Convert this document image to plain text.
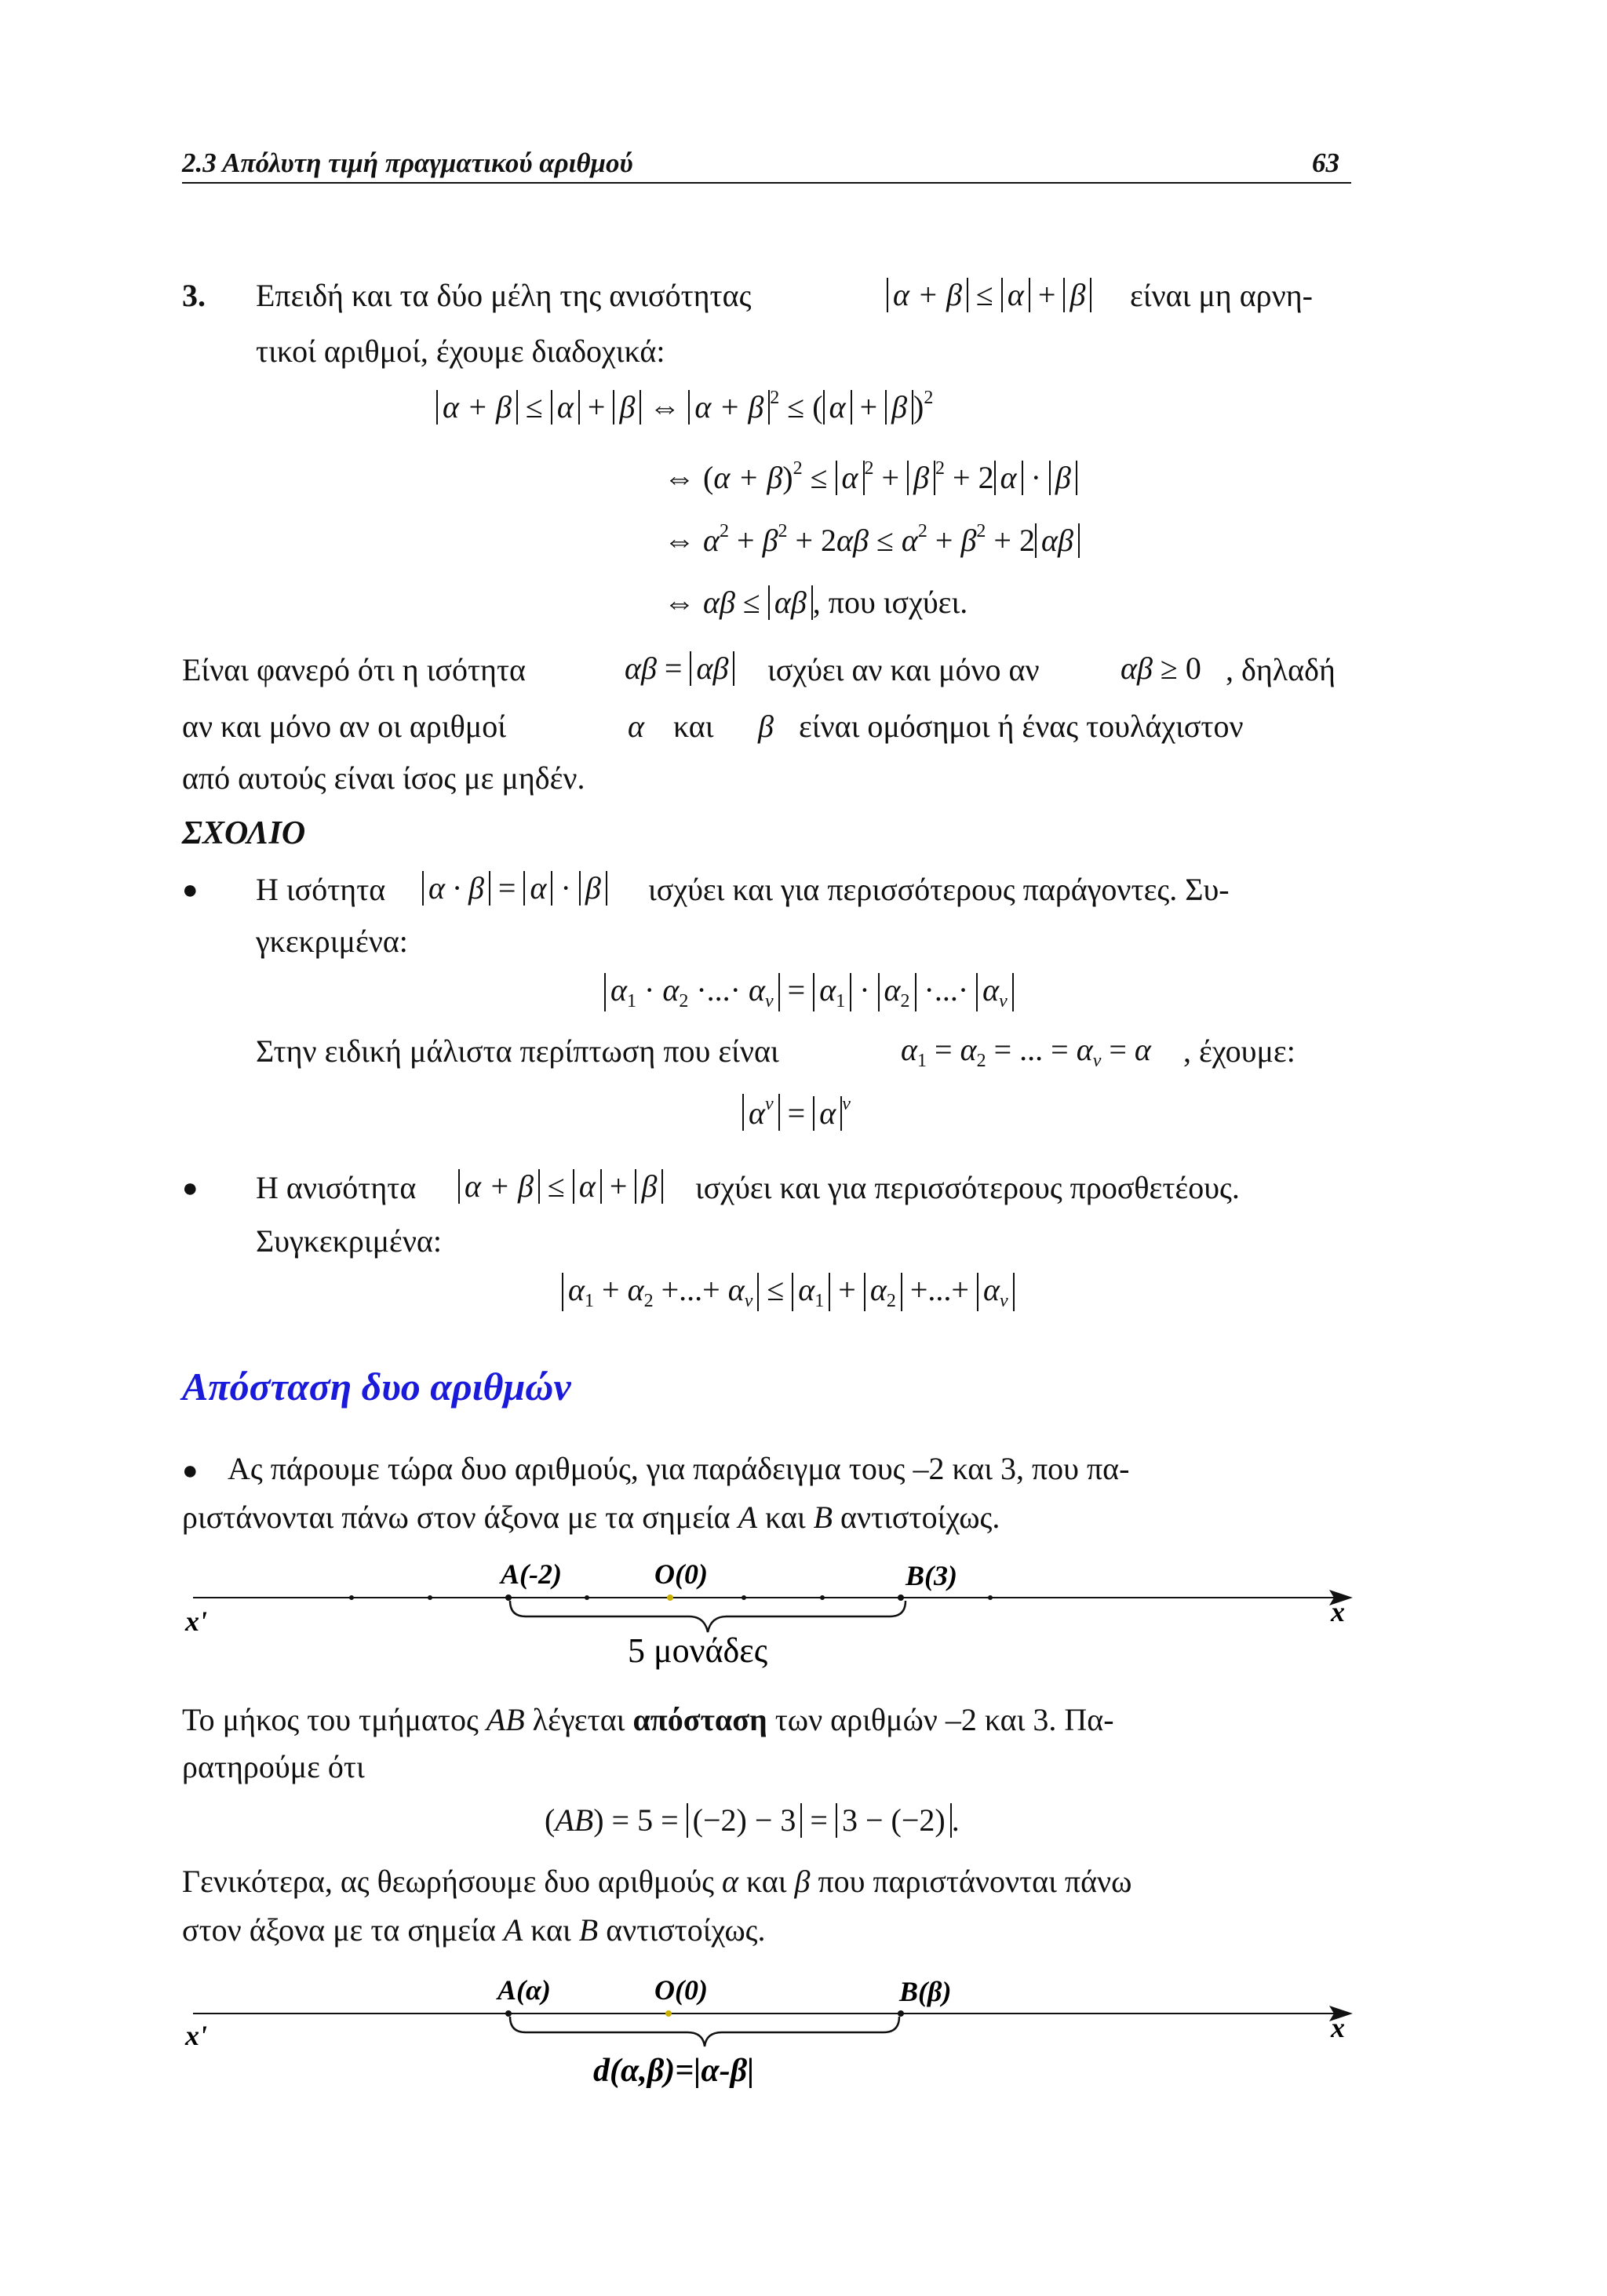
2.3 Απόλυτη τιμή πραγματικού αριθμού	63
3. Επειδή και τα δύο μέλη της ανισότητας	α + β ≤ α + β είναι μη αρνη-
τικοί αριθμοί, έχουμε διαδοχικά:
α + β ≤ α + β ⇔ α + β $^2$ ≤ ( α + β )$^2$
⇔ $(\alpha + \beta)^2 \le \alpha$ $^2$ + β $^2$ + 2 α · β
⇔ $\alpha^2 + \beta^2 + 2\alpha\beta \le \alpha^2 + \beta^2 + 2$ αβ
⇔ αβ ≤ αβ , που ισχύει.
Είναι φανερό ότι η ισότητα	αβ = αβ ισχύει αν και μόνο αν	αβ ≥ 0 , δηλαδή
αν και μόνο αν οι αριθμοί	α και β είναι ομόσημοι ή ένας τουλάχιστον
από αυτούς είναι ίσος με μηδέν.
ΣΧΟΛΙΟ
● Η ισότητα α · β = α · β ισχύει και για περισσότερους παράγοντες. Συ-
γκεκριμένα:
$\alpha_1 \cdot \alpha_2$ ·...· $\alpha_\nu = \alpha_1 \cdot \alpha_2$ ·...· $\alpha_\nu$
Στην ειδική μάλιστα περίπτωση που είναι	$\alpha_1 = \alpha_2$ = ... = $\alpha_\nu = \alpha$ , έχουμε:
$\alpha^\nu = \alpha$ $^\nu$
● Η ανισότητα α + β ≤ α + β ισχύει και για περισσότερους προσθετέους.
Συγκεκριμένα:
$\alpha_1 + \alpha_2$ +...+ $\alpha_\nu \le \alpha_1 + \alpha_2$ +...+ $\alpha_\nu$
Απόσταση δυο αριθμών
● Ας πάρουμε τώρα δυο αριθμούς, για παράδειγμα τους –2 και 3, που πα-
ριστάνονται πάνω στον άξονα με τα σημεία Α και Β αντιστοίχως.
A(-2)	O(0)	B(3)
x'	x
5 μονάδες
Το μήκος του τμήματος ΑΒ λέγεται απόσταση των αριθμών –2 και 3. Πα-
ρατηρούμε ότι
(AB) = 5 = (−2) − 3 = 3 − (−2) .
Γενικότερα, ας θεωρήσουμε δυο αριθμούς α και β που παριστάνονται πάνω
στον άξονα με τα σημεία Α και Β αντιστοίχως.
A(α)	O(0)	B(β)
x'	x
d(α,β)=|α-β|
